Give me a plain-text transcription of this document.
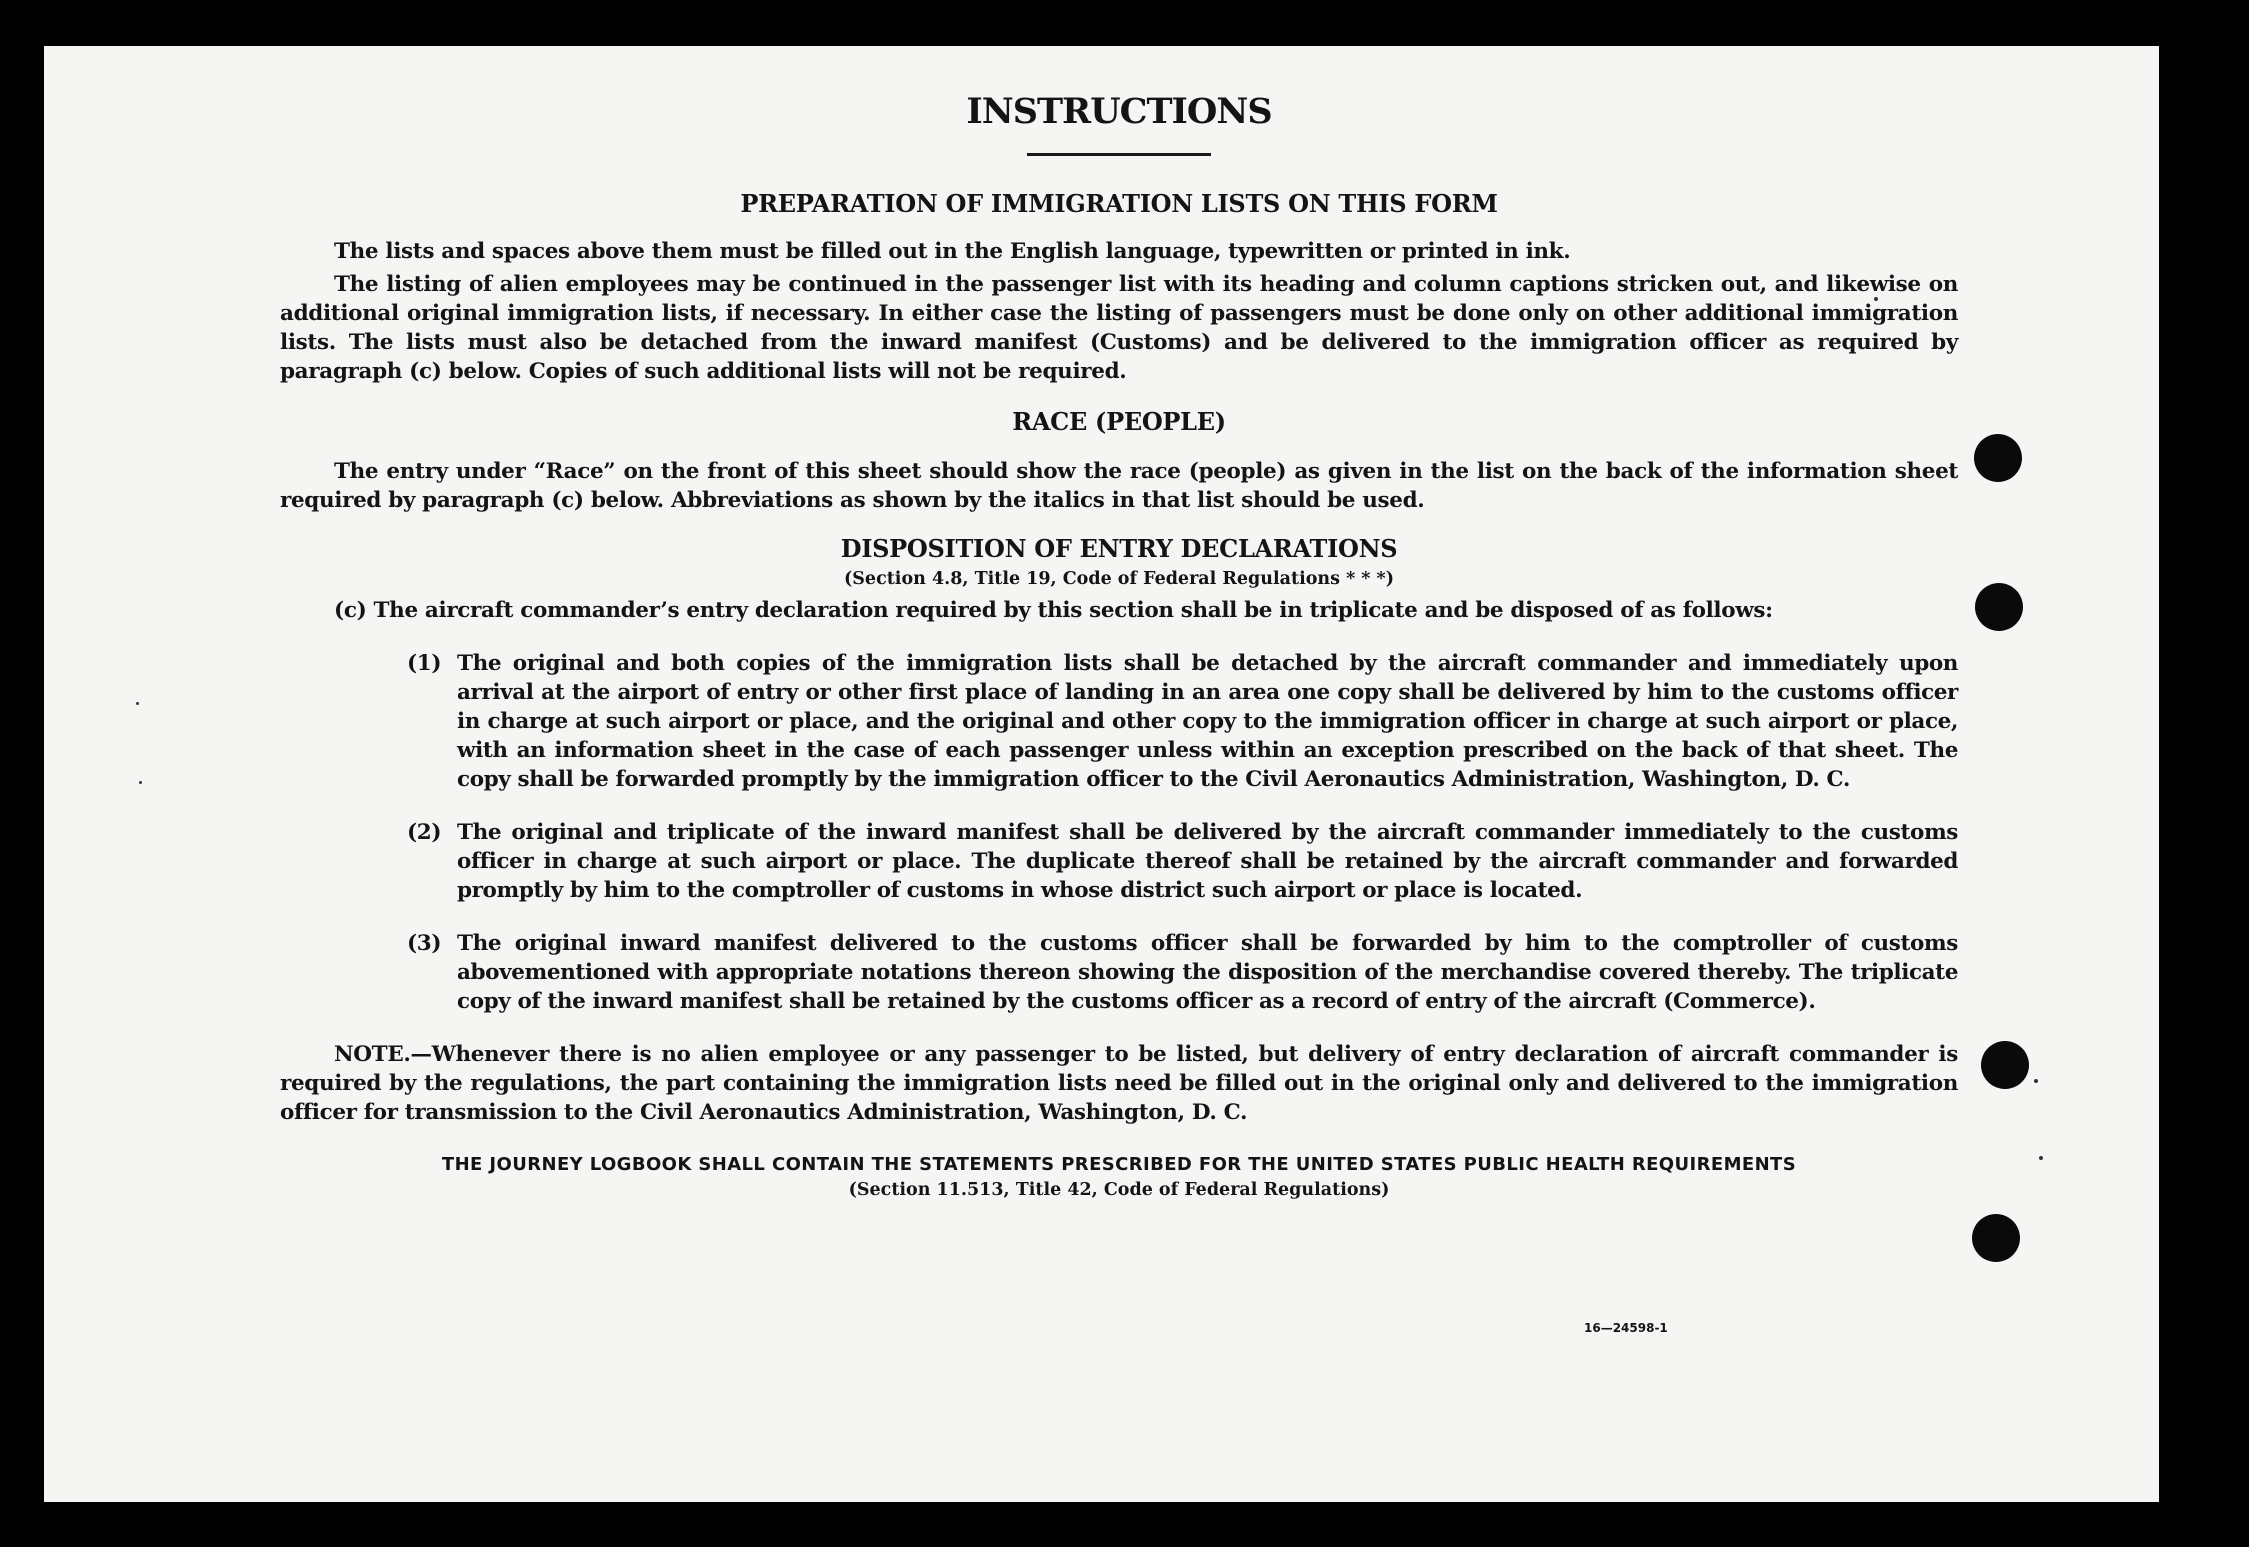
INSTRUCTIONS
PREPARATION OF IMMIGRATION LISTS ON THIS FORM

The lists and spaces above them must be filled out in the English language, typewritten or printed in ink.

The listing of alien employees may be continued in the passenger list with its heading and column captions stricken out, and likewise on additional original immigration lists, if necessary. In either case the listing of passengers must be done only on other additional immigration lists. The lists must also be detached from the inward manifest (Customs) and be delivered to the immigration officer as required by paragraph (c) below. Copies of such additional lists will not be required.

RACE (PEOPLE)

The entry under “Race” on the front of this sheet should show the race (people) as given in the list on the back of the information sheet required by paragraph (c) below. Abbreviations as shown by the italics in that list should be used.

DISPOSITION OF ENTRY DECLARATIONS

(Section 4.8, Title 19, Code of Federal Regulations * * *)

(c) The aircraft commander’s entry declaration required by this section shall be in triplicate and be disposed of as follows:

(1) The original and both copies of the immigration lists shall be detached by the aircraft commander and immediately upon arrival at the airport of entry or other first place of landing in an area one copy shall be delivered by him to the customs officer in charge at such airport or place, and the original and other copy to the immigration officer in charge at such airport or place, with an information sheet in the case of each passenger unless within an exception prescribed on the back of that sheet. The copy shall be forwarded promptly by the immigration officer to the Civil Aeronautics Administration, Washington, D. C.

(2) The original and triplicate of the inward manifest shall be delivered by the aircraft commander immediately to the customs officer in charge at such airport or place. The duplicate thereof shall be retained by the aircraft commander and forwarded promptly by him to the comptroller of customs in whose district such airport or place is located.

(3) The original inward manifest delivered to the customs officer shall be forwarded by him to the comptroller of customs abovementioned with appropriate notations thereon showing the disposition of the merchandise covered thereby. The triplicate copy of the inward manifest shall be retained by the customs officer as a record of entry of the aircraft (Commerce).

NOTE.—Whenever there is no alien employee or any passenger to be listed, but delivery of entry declaration of aircraft commander is required by the regulations, the part containing the immigration lists need be filled out in the original only and delivered to the immigration officer for transmission to the Civil Aeronautics Administration, Washington, D. C.

THE JOURNEY LOGBOOK SHALL CONTAIN THE STATEMENTS PRESCRIBED FOR THE UNITED STATES PUBLIC HEALTH REQUIREMENTS

(Section 11.513, Title 42, Code of Federal Regulations)

16—24598-1
